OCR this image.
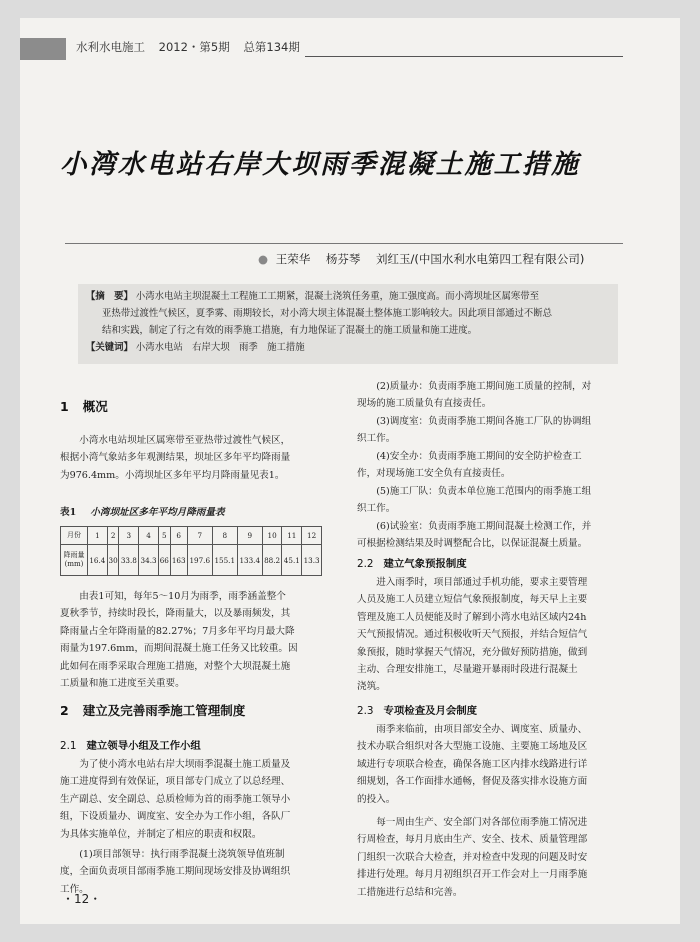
水利水电施工 2012・第5期 总第134期
小湾水电站右岸大坝雨季混凝土施工措施
● 王荣华 杨芬琴 刘红玉/(中国水利水电第四工程有限公司)

【摘　要】 小湾水电站主坝混凝土工程施工工期紧，混凝土浇筑任务重，施工强度高。而小湾坝址区属寒带至

亚热带过渡性气候区，夏季雾、雨期较长，对小湾大坝主体混凝土整体施工影响较大。因此项目部通过不断总

结和实践，制定了行之有效的雨季施工措施，有力地保证了混凝土的施工质量和施工进度。

【关键词】 小湾水电站　右岸大坝　雨季　施工措施

1 概况
小湾水电站坝址区属寒带至亚热带过渡性气候区，
根据小湾气象站多年观测结果，坝址区多年平均降雨量
为976.4mm。小湾坝址区多年平均月降雨量见表1。
表1 小湾坝址区多年平均月降雨量表
月份	1	2	3	4	5	6	7	8	9	10	11	12
降雨量(mm)	16.4	30	33.8	34.3	66	163	197.6	155.1	133.4	88.2	45.1	13.3
由表1可知，每年5～10月为雨季，雨季涵盖整个
夏秋季节，持续时段长，降雨量大，以及暴雨频发，其
降雨量占全年降雨量的82.27%；7月多年平均月最大降
雨量为197.6mm，而期间混凝土施工任务又比较重。因
此如何在雨季采取合理施工措施，对整个大坝混凝土施
工质量和施工进度至关重要。
2 建立及完善雨季施工管理制度
2.1 建立领导小组及工作小组
为了使小湾水电站右岸大坝雨季混凝土施工质量及
施工进度得到有效保证，项目部专门成立了以总经理、
生产副总、安全副总、总质检师为首的雨季施工领导小
组，下设质量办、调度室、安全办为工作小组，各队厂
为具体实施单位，并制定了相应的职责和权限。
(1)项目部领导：执行雨季混凝土浇筑领导值班制
度，全面负责项目部雨季施工期间现场安排及协调组织
工作。
(2)质量办：负责雨季施工期间施工质量的控制，对
现场的施工质量负有直接责任。
(3)调度室：负责雨季施工期间各施工厂队的协调组
织工作。
(4)安全办：负责雨季施工期间的安全防护检查工
作，对现场施工安全负有直接责任。
(5)施工厂队：负责本单位施工范围内的雨季施工组
织工作。
(6)试验室：负责雨季施工期间混凝土检测工作，并
可根据检测结果及时调整配合比，以保证混凝土质量。
2.2 建立气象预报制度
进入雨季时，项目部通过手机功能，要求主要管理
人员及施工人员建立短信气象预报制度，每天早上主要
管理及施工人员便能及时了解到小湾水电站区域内24h
天气预报情况。通过积极收听天气预报，并结合短信气
象预报，随时掌握天气情况，充分做好预防措施，做到
主动、合理安排施工，尽量避开暴雨时段进行混凝土
浇筑。
2.3 专项检查及月会制度
雨季来临前，由项目部安全办、调度室、质量办、
技术办联合组织对各大型施工设施、主要施工场地及区
域进行专项联合检查，确保各施工区内排水线路进行详
细规划，各工作面排水通畅，督促及落实排水设施方面
的投入。
每一周由生产、安全部门对各部位雨季施工情况进
行周检查，每月月底由生产、安全、技术、质量管理部
门组织一次联合大检查，并对检查中发现的问题及时安
排进行处理。每月月初组织召开工作会对上一月雨季施
工措施进行总结和完善。
・12・
